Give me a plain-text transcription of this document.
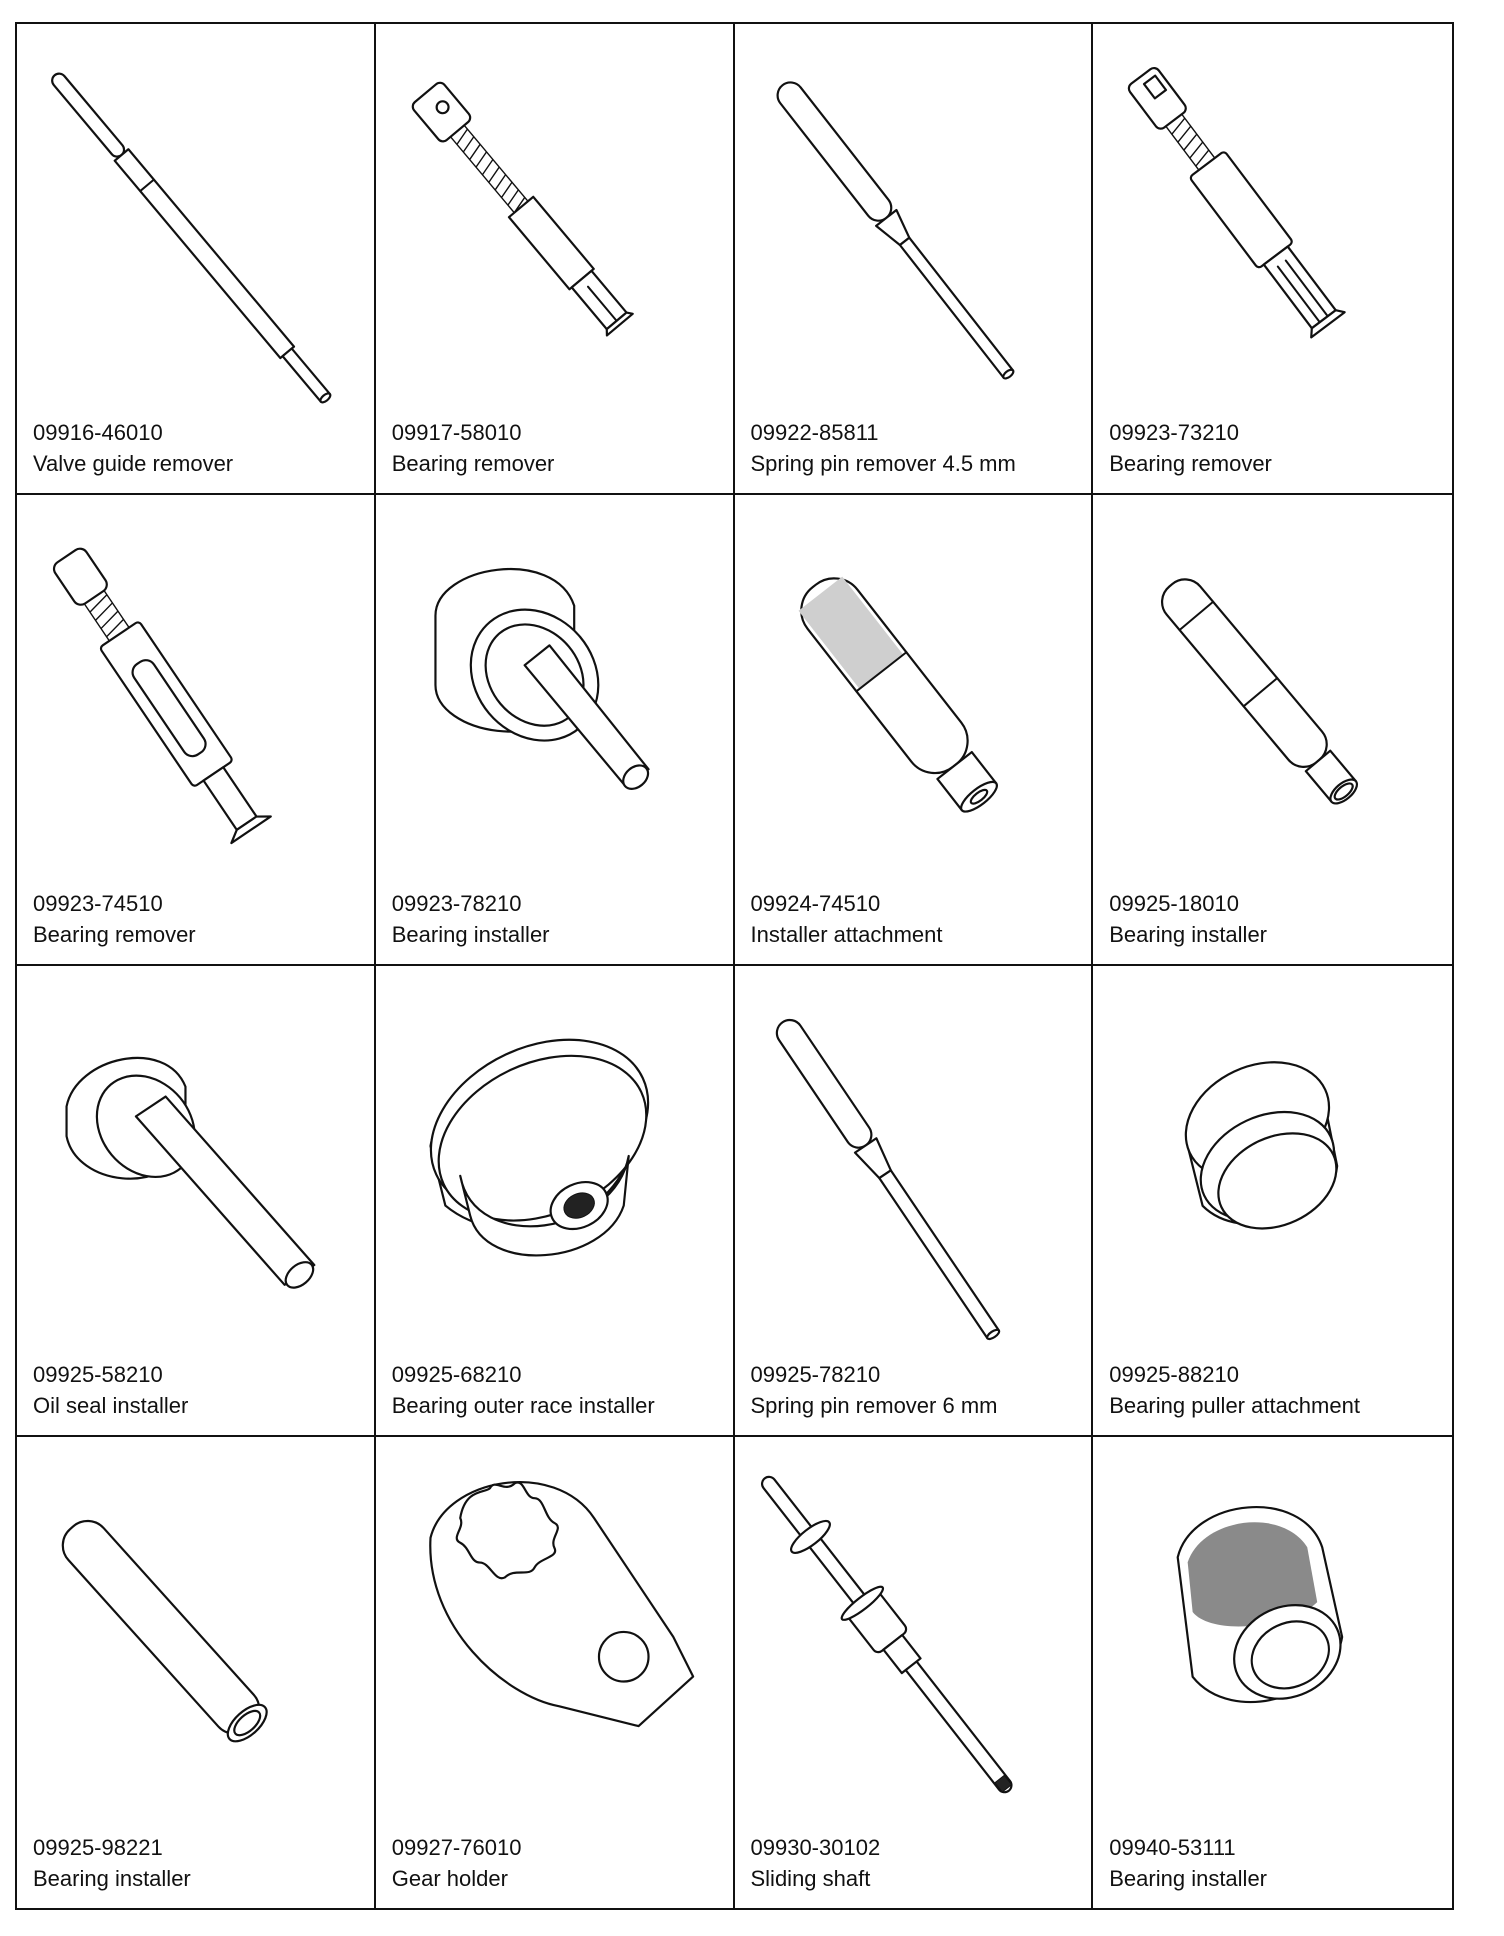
09916-46010
Valve guide remover
09917-58010
Bearing remover
09922-85811
Spring pin remover 4.5 mm
09923-73210
Bearing remover
09923-74510
Bearing remover
09923-78210
Bearing installer
09924-74510
Installer attachment
09925-18010
Bearing installer
09925-58210
Oil seal installer
09925-68210
Bearing outer race installer
09925-78210
Spring pin remover 6 mm
09925-88210
Bearing puller attachment
09925-98221
Bearing installer
09927-76010
Gear holder
09930-30102
Sliding shaft
09940-53111
Bearing installer
